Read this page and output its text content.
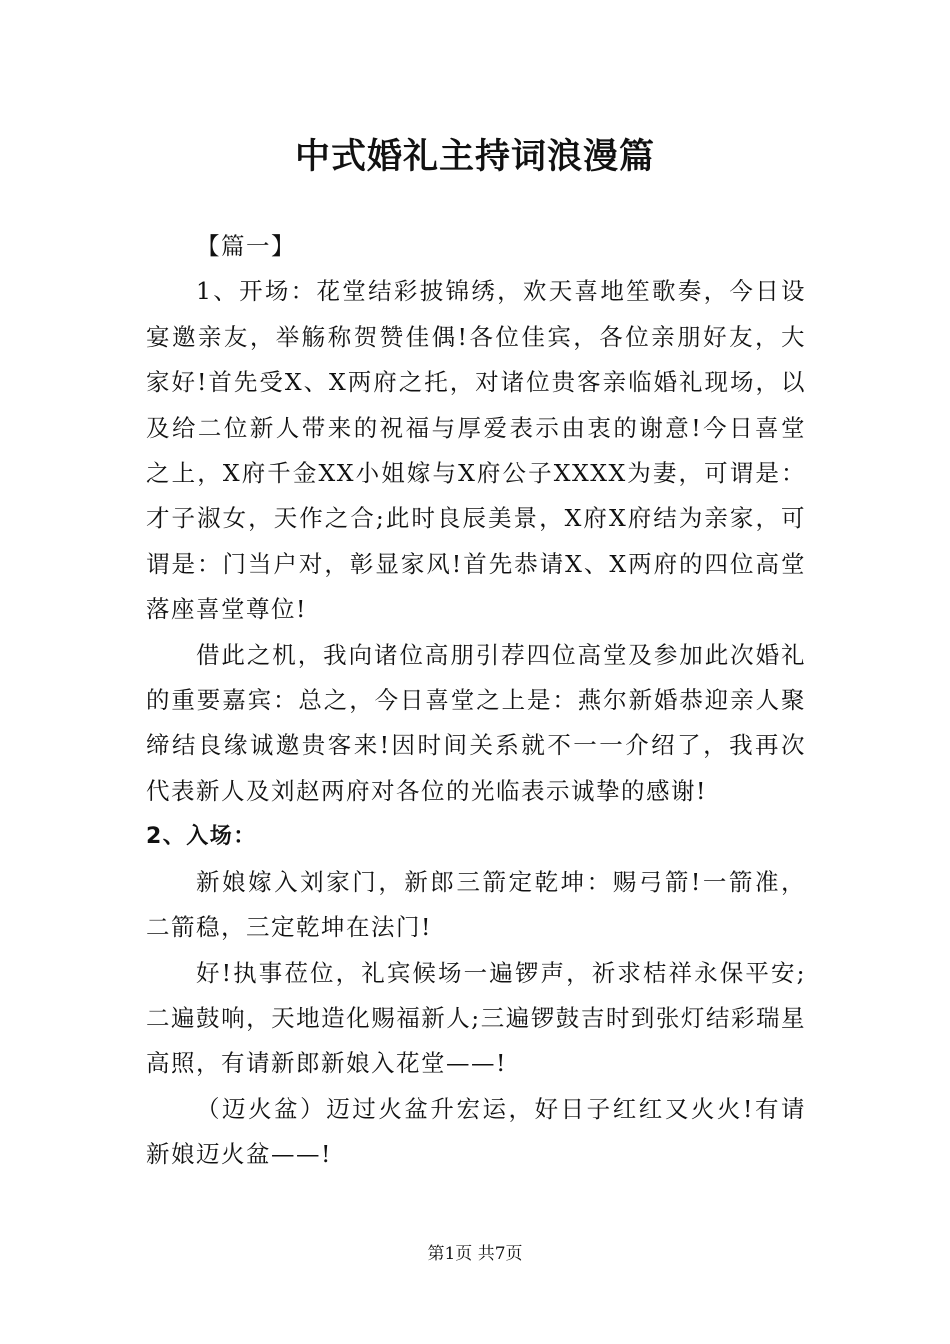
中式婚礼主持词浪漫篇

【篇一】

1、开场：花堂结彩披锦绣，欢天喜地笙歌奏，今日设宴邀亲友，举觞称贺赞佳偶!各位佳宾，各位亲朋好友，大家好!首先受X、X两府之托，对诸位贵客亲临婚礼现场，以及给二位新人带来的祝福与厚爱表示由衷的谢意!今日喜堂之上，X府千金XX小姐嫁与X府公子XXXX为妻，可谓是：才子淑女，天作之合;此时良辰美景，X府X府结为亲家，可谓是：门当户对，彰显家风!首先恭请X、X两府的四位高堂落座喜堂尊位!

借此之机，我向诸位高朋引荐四位高堂及参加此次婚礼的重要嘉宾：总之，今日喜堂之上是：燕尔新婚恭迎亲人聚缔结良缘诚邀贵客来!因时间关系就不一一介绍了，我再次代表新人及刘赵两府对各位的光临表示诚挚的感谢!

2、入场：

新娘嫁入刘家门，新郎三箭定乾坤：赐弓箭!一箭准，二箭稳，三定乾坤在法门!

好!执事莅位，礼宾候场一遍锣声，祈求桔祥永保平安;二遍鼓响，天地造化赐福新人;三遍锣鼓吉时到张灯结彩瑞星高照，有请新郎新娘入花堂——!

（迈火盆）迈过火盆升宏运，好日子红红又火火!有请新娘迈火盆——!

第1页 共7页
